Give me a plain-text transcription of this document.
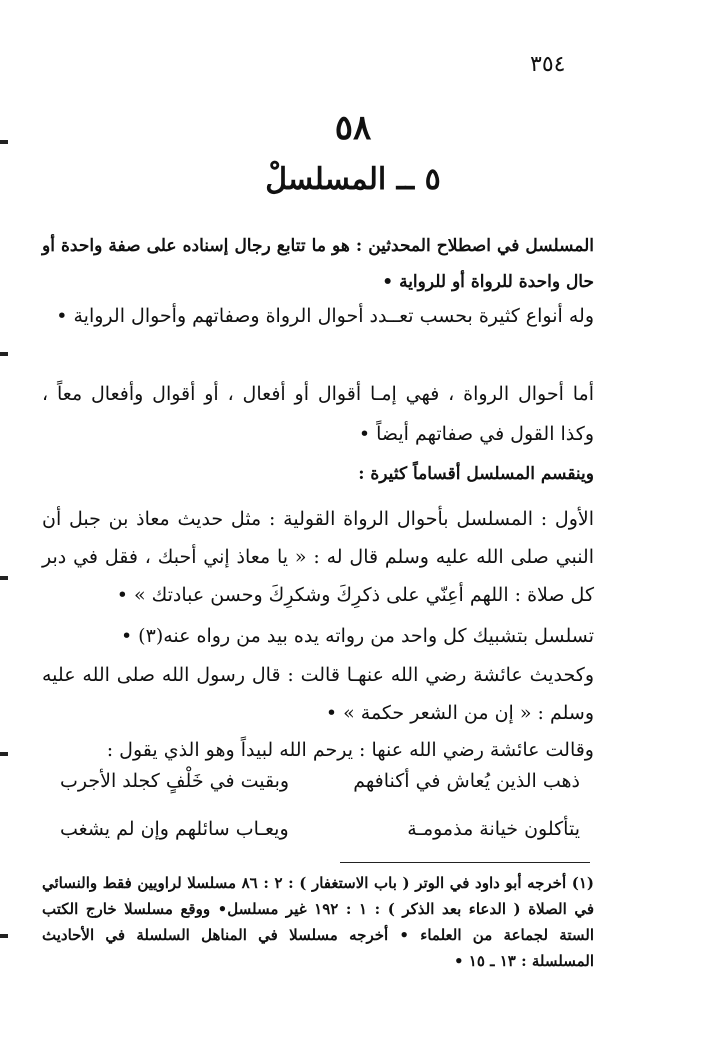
٣٥٤
٥٨
٥ ــ المسلسلْ
المسلسل في اصطلاح المحدثين : هو ما تتابع رجال إسناده على صفة واحدة أو حال واحدة للرواة أو للرواية •
وله أنواع كثيرة بحسب تعــدد أحوال الرواة وصفاتهم وأحوال الرواية •
أما أحوال الرواة ، فهي إمـا أقوال أو أفعال ، أو أقوال وأفعال معاً ، وكذا القول في صفاتهم أيضاً •
وينقسم المسلسل أقساماً كثيرة :
الأول : المسلسل بأحوال الرواة القولية : مثل حديث معاذ بن جبل أن النبي صلى الله عليه وسلم قال له : « يا معاذ إني أحبك ، فقل في دبر كل صلاة : اللهم أعِنّي على ذكرِكَ وشكرِكَ وحسن عبادتك » •
تسلسل بتشبيك كل واحد من رواته يده بيد من رواه عنه(٣) •
وكحديث عائشة رضي الله عنهـا قالت : قال رسول الله صلى الله عليه وسلم : « إن من الشعر حكمة » •
وقالت عائشة رضي الله عنها : يرحم الله لبيداً وهو الذي يقول :
ذهب الذين يُعاش في أكنافهم
وبقيت في خَلْفٍ كجلد الأجرب
يتأكلون خيانة مذمومـة
ويعـاب سائلهم وإن لم يشغب
(١) أخرجه أبو داود في الوتر ( باب الاستغفار ) : ٢ : ٨٦ مسلسلا لراويين فقط والنسائي في الصلاة ( الدعاء بعد الذكر ) : ١ : ١٩٢ غير مسلسل• ووقع مسلسلا خارج الكتب الستة لجماعة من العلماء • أخرجه مسلسلا في المناهل السلسلة في الأحاديث المسلسلة : ١٣ ـ ١٥ •
